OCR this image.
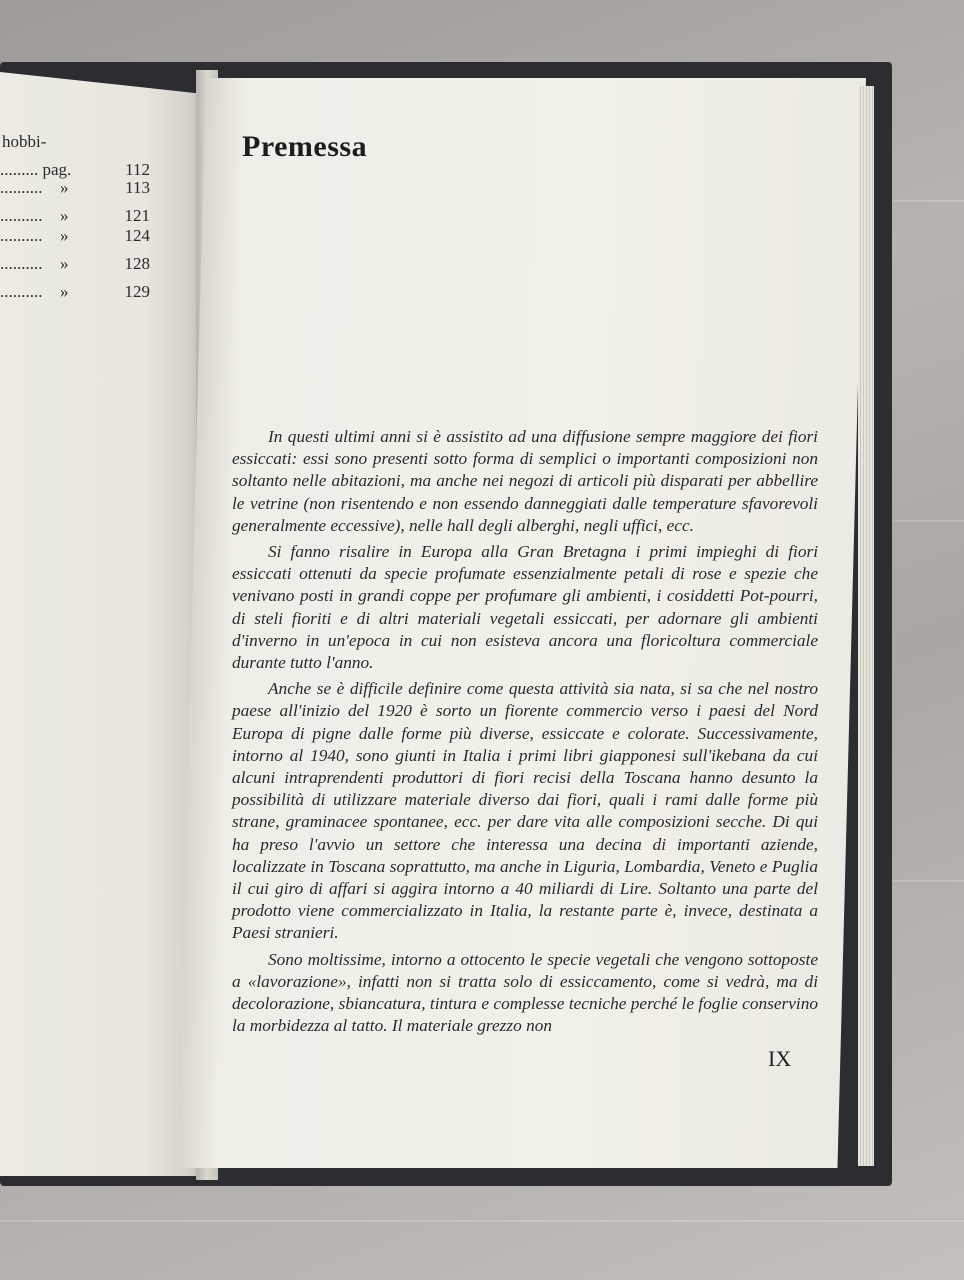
hobbi-
......... pag.	112
.......... »	113
.......... »	121
.......... »	124
.......... »	128
.......... »	129
Premessa

In questi ultimi anni si è assistito ad una diffusione sempre maggiore dei fiori essiccati: essi sono presenti sotto forma di semplici o importanti composizioni non soltanto nelle abitazioni, ma anche nei negozi di articoli più disparati per abbellire le vetrine (non risentendo e non essendo danneggiati dalle temperature sfavorevoli generalmente eccessive), nelle hall degli alberghi, negli uffici, ecc.

Si fanno risalire in Europa alla Gran Bretagna i primi impieghi di fiori essiccati ottenuti da specie profumate essenzialmente petali di rose e spezie che venivano posti in grandi coppe per profumare gli ambienti, i cosiddetti Pot-pourri, di steli fioriti e di altri materiali vegetali essiccati, per adornare gli ambienti d'inverno in un'epoca in cui non esisteva ancora una floricoltura commerciale durante tutto l'anno.

Anche se è difficile definire come questa attività sia nata, si sa che nel nostro paese all'inizio del 1920 è sorto un fiorente commercio verso i paesi del Nord Europa di pigne dalle forme più diverse, essiccate e colorate. Successivamente, intorno al 1940, sono giunti in Italia i primi libri giapponesi sull'ikebana da cui alcuni intraprendenti produttori di fiori recisi della Toscana hanno desunto la possibilità di utilizzare materiale diverso dai fiori, quali i rami dalle forme più strane, graminacee spontanee, ecc. per dare vita alle composizioni secche. Di qui ha preso l'avvio un settore che interessa una decina di importanti aziende, localizzate in Toscana soprattutto, ma anche in Liguria, Lombardia, Veneto e Puglia il cui giro di affari si aggira intorno a 40 miliardi di Lire. Soltanto una parte del prodotto viene commercializzato in Italia, la restante parte è, invece, destinata a Paesi stranieri.

Sono moltissime, intorno a ottocento le specie vegetali che vengono sottoposte a «lavorazione», infatti non si tratta solo di essiccamento, come si vedrà, ma di decolorazione, sbiancatura, tintura e complesse tecniche perché le foglie conservino la morbidezza al tatto. Il materiale grezzo non

IX
